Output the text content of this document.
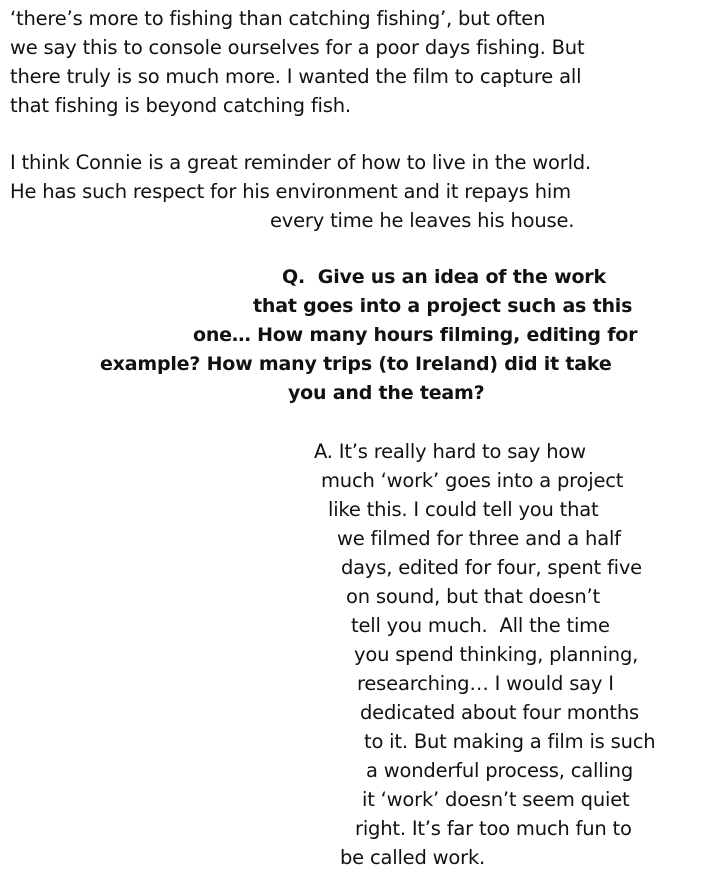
‘there’s more to fishing than catching fishing’, but often
we say this to console ourselves for a poor days fishing. But
there truly is so much more. I wanted the film to capture all
that fishing is beyond catching fish.
I think Connie is a great reminder of how to live in the world.
He has such respect for his environment and it repays him
every time he leaves his house.
Q.  Give us an idea of the work
that goes into a project such as this
one… How many hours filming, editing for
example? How many trips (to Ireland) did it take
you and the team?
A. It’s really hard to say how
much ‘work’ goes into a project
like this. I could tell you that
we filmed for three and a half
days, edited for four, spent five
on sound, but that doesn’t
tell you much.  All the time
you spend thinking, planning,
researching… I would say I
dedicated about four months
to it. But making a film is such
a wonderful process, calling
it ‘work’ doesn’t seem quiet
right. It’s far too much fun to
be called work.
